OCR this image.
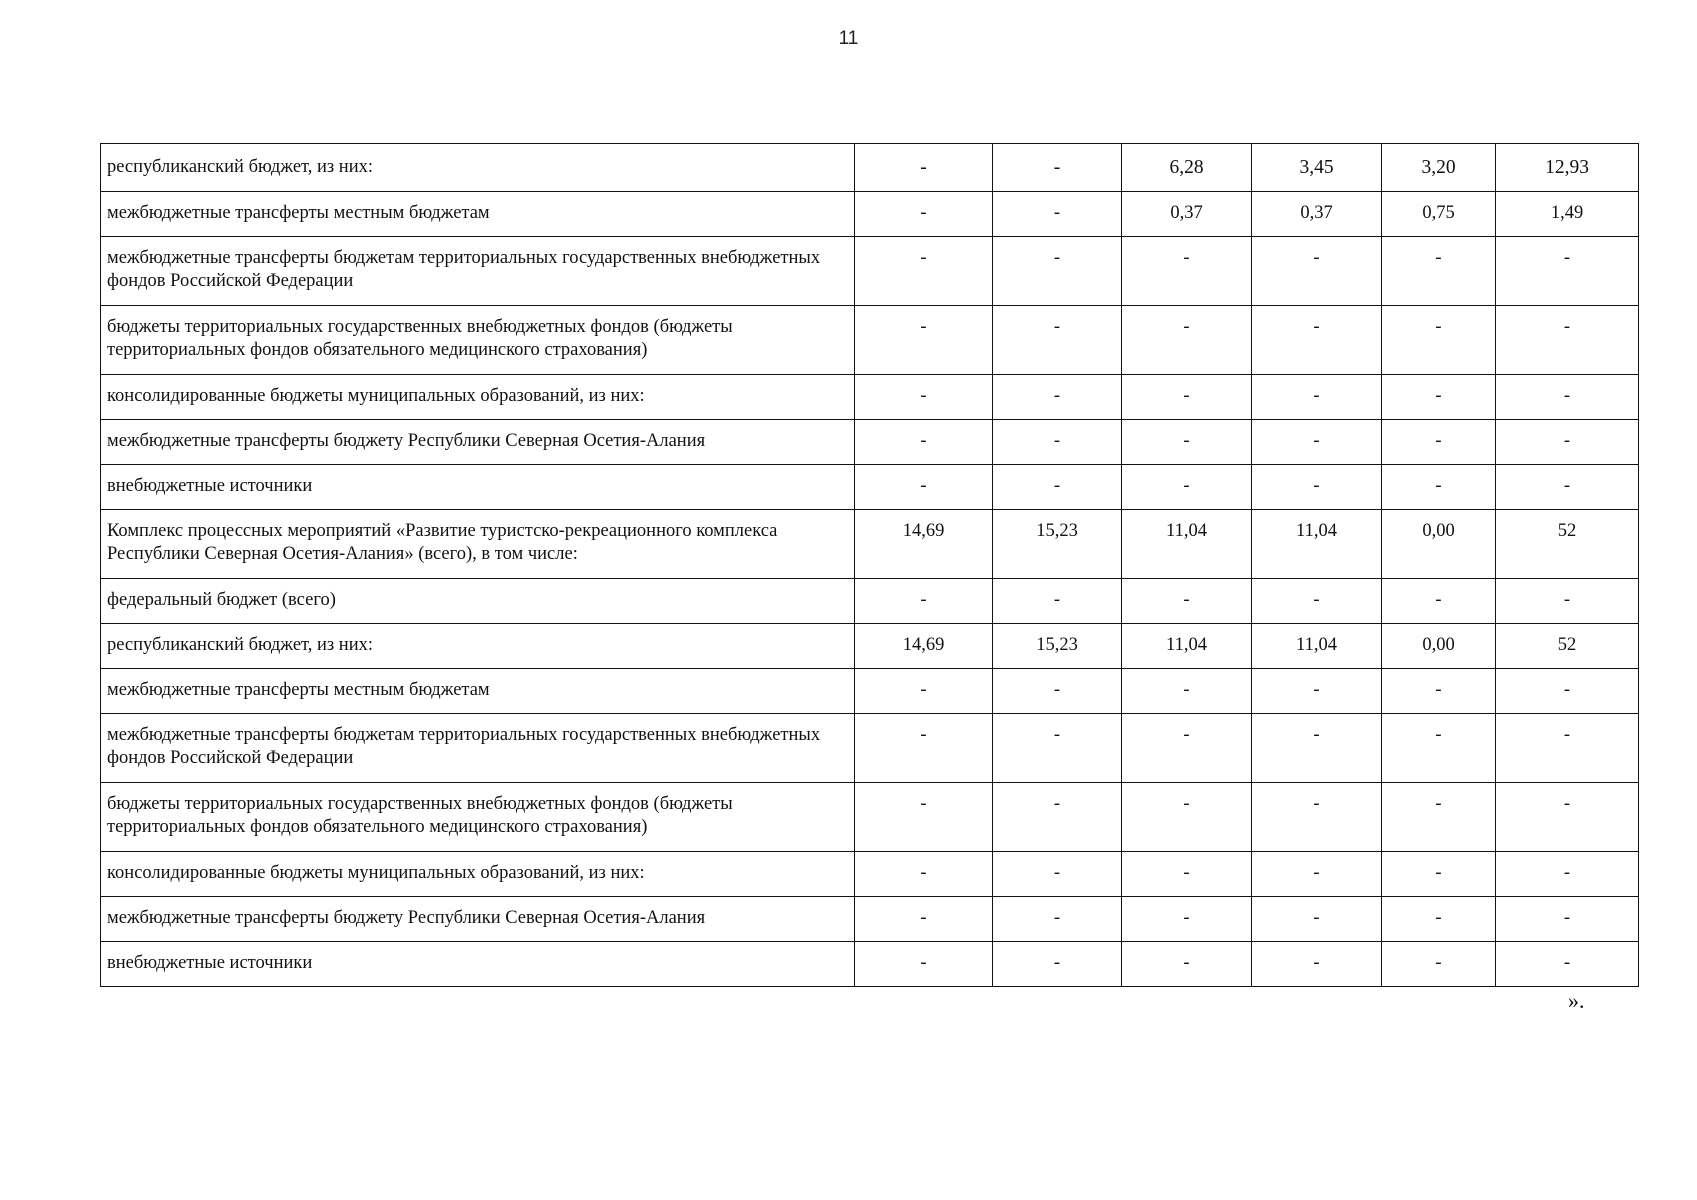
11
республиканский бюджет, из них:	-	-	6,28	3,45	3,20	12,93
межбюджетные трансферты местным бюджетам	-	-	0,37	0,37	0,75	1,49
межбюджетные трансферты бюджетам территориальных государственных внебюджетных фондов Российской Федерации	-	-	-	-	-	-
бюджеты территориальных государственных внебюджетных фондов (бюджеты территориальных фондов обязательного медицинского страхования)	-	-	-	-	-	-
консолидированные бюджеты муниципальных образований, из них:	-	-	-	-	-	-
межбюджетные трансферты бюджету Республики Северная Осетия-Алания	-	-	-	-	-	-
внебюджетные источники	-	-	-	-	-	-
Комплекс процессных мероприятий «Развитие туристско-рекреационного комплекса Республики Северная Осетия-Алания» (всего), в том числе:	14,69	15,23	11,04	11,04	0,00	52
федеральный бюджет (всего)	-	-	-	-	-	-
республиканский бюджет, из них:	14,69	15,23	11,04	11,04	0,00	52
межбюджетные трансферты местным бюджетам	-	-	-	-	-	-
межбюджетные трансферты бюджетам территориальных государственных внебюджетных фондов Российской Федерации	-	-	-	-	-	-
бюджеты территориальных государственных внебюджетных фондов (бюджеты территориальных фондов обязательного медицинского страхования)	-	-	-	-	-	-
консолидированные бюджеты муниципальных образований, из них:	-	-	-	-	-	-
межбюджетные трансферты бюджету Республики Северная Осетия-Алания	-	-	-	-	-	-
внебюджетные источники	-	-	-	-	-	-
».
